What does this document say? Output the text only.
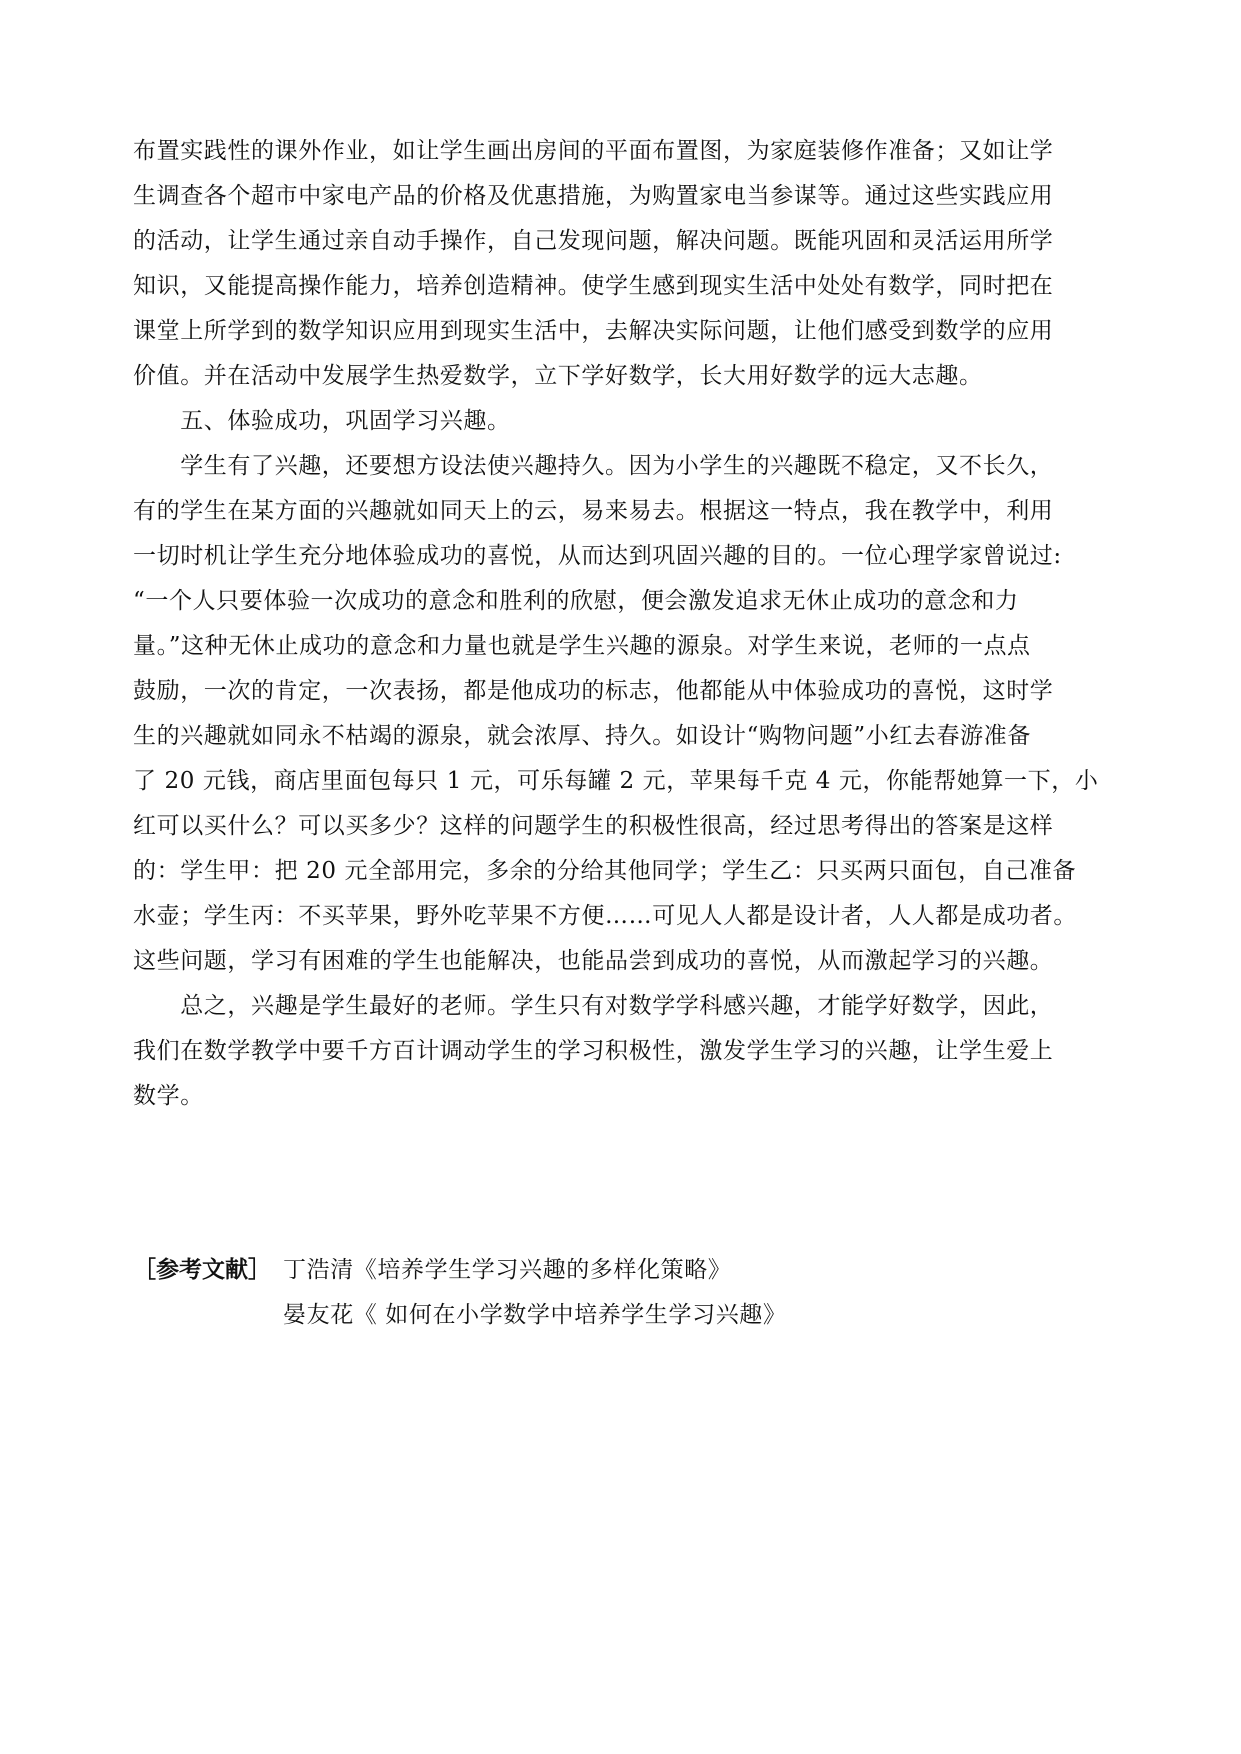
布置实践性的课外作业，如让学生画出房间的平面布置图，为家庭装修作准备；又如让学
生调查各个超市中家电产品的价格及优惠措施，为购置家电当参谋等。通过这些实践应用
的活动，让学生通过亲自动手操作，自己发现问题，解决问题。既能巩固和灵活运用所学
知识，又能提高操作能力，培养创造精神。使学生感到现实生活中处处有数学，同时把在
课堂上所学到的数学知识应用到现实生活中，去解决实际问题，让他们感受到数学的应用
价值。并在活动中发展学生热爱数学，立下学好数学，长大用好数学的远大志趣。
　　五、体验成功，巩固学习兴趣。
　　学生有了兴趣，还要想方设法使兴趣持久。因为小学生的兴趣既不稳定，又不长久，
有的学生在某方面的兴趣就如同天上的云，易来易去。根据这一特点，我在教学中，利用
一切时机让学生充分地体验成功的喜悦，从而达到巩固兴趣的目的。一位心理学家曾说过:
“一个人只要体验一次成功的意念和胜利的欣慰，便会激发追求无休止成功的意念和力
量。”这种无休止成功的意念和力量也就是学生兴趣的源泉。对学生来说，老师的一点点
鼓励，一次的肯定，一次表扬，都是他成功的标志，他都能从中体验成功的喜悦，这时学
生的兴趣就如同永不枯竭的源泉，就会浓厚、持久。如设计“购物问题”小红去春游准备
了 20 元钱，商店里面包每只 1 元，可乐每罐 2 元，苹果每千克 4 元，你能帮她算一下，小
红可以买什么？可以买多少？这样的问题学生的积极性很高，经过思考得出的答案是这样
的：学生甲：把 20 元全部用完，多余的分给其他同学；学生乙：只买两只面包，自己准备
水壶；学生丙：不买苹果，野外吃苹果不方便……可见人人都是设计者，人人都是成功者。
这些问题，学习有困难的学生也能解决，也能品尝到成功的喜悦，从而激起学习的兴趣。
　　总之，兴趣是学生最好的老师。学生只有对数学学科感兴趣，才能学好数学，因此，
我们在数学教学中要千方百计调动学生的学习积极性，激发学生学习的兴趣，让学生爱上
数学。
［参考文献］ 丁浩清《培养学生学习兴趣的多样化策略》
晏友花《 如何在小学数学中培养学生学习兴趣》
